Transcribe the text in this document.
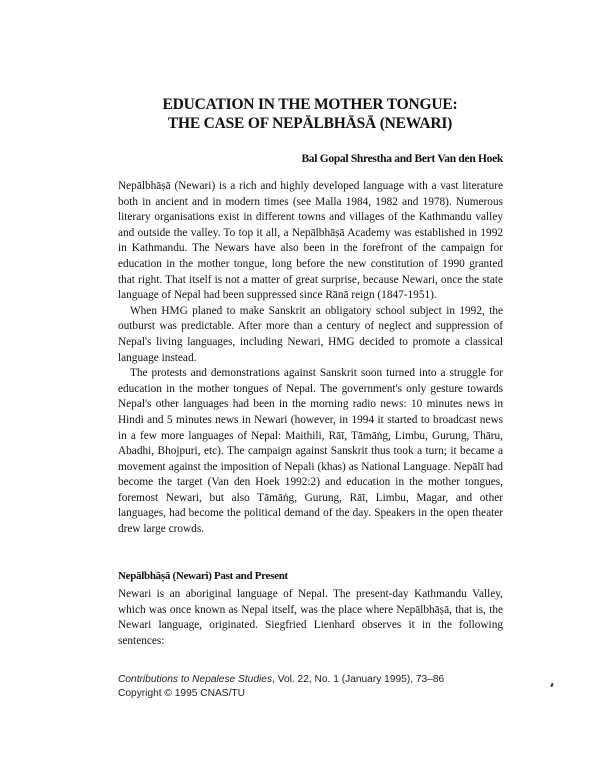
EDUCATION IN THE MOTHER TONGUE:
THE CASE OF NEPĀLBHĀSĀ (NEWARI)
Bal Gopal Shrestha and Bert Van den Hoek

Nepālbhāṣā (Newari) is a rich and highly developed language with a vast literature both in ancient and in modern times (see Malla 1984, 1982 and 1978). Numerous literary organisations exist in different towns and villages of the Kathmandu valley and outside the valley. To top it all, a Nepālbhāṣā Academy was established in 1992 in Kathmandu. The Newars have also been in the forefront of the campaign for education in the mother tongue, long before the new constitution of 1990 granted that right. That itself is not a matter of great surprise, because Newari, once the state language of Nepal had been suppressed since Rānā reign (1847-1951).

When HMG planed to make Sanskrit an obligatory school subject in 1992, the outburst was predictable. After more than a century of neglect and suppression of Nepal's living languages, including Newari, HMG decided to promote a classical language instead.

The protests and demonstrations against Sanskrit soon turned into a struggle for education in the mother tongues of Nepal. The government's only gesture towards Nepal's other languages had been in the morning radio news: 10 minutes news in Hindi and 5 minutes news in Newari (however, in 1994 it started to broadcast news in a few more languages of Nepal: Maithili, Rāī, Tāmāṅg, Limbu, Gurung, Thāru, Abadhi, Bhojpuri, etc). The campaign against Sanskrit thus took a turn; it became a movement against the imposition of Nepali (khas) as National Language. Nepālī had become the target (Van den Hoek 1992:2) and education in the mother tongues, foremost Newari, but also Tāmāṅg, Gurung, Rāī, Limbu, Magar, and other languages, had become the political demand of the day. Speakers in the open theater drew large crowds.

Nepālbhāṣā (Newari) Past and Present

Newari is an aboriginal language of Nepal. The present-day Kathmandu Valley, which was once known as Nepal itself, was the place where Nepālbhāṣā, that is, the Newari language, originated. Siegfried Lienhard observes it in the following sentences:

Contributions to Nepalese Studies, Vol. 22, No. 1 (January 1995), 73–86
Copyright © 1995 CNAS/TU
